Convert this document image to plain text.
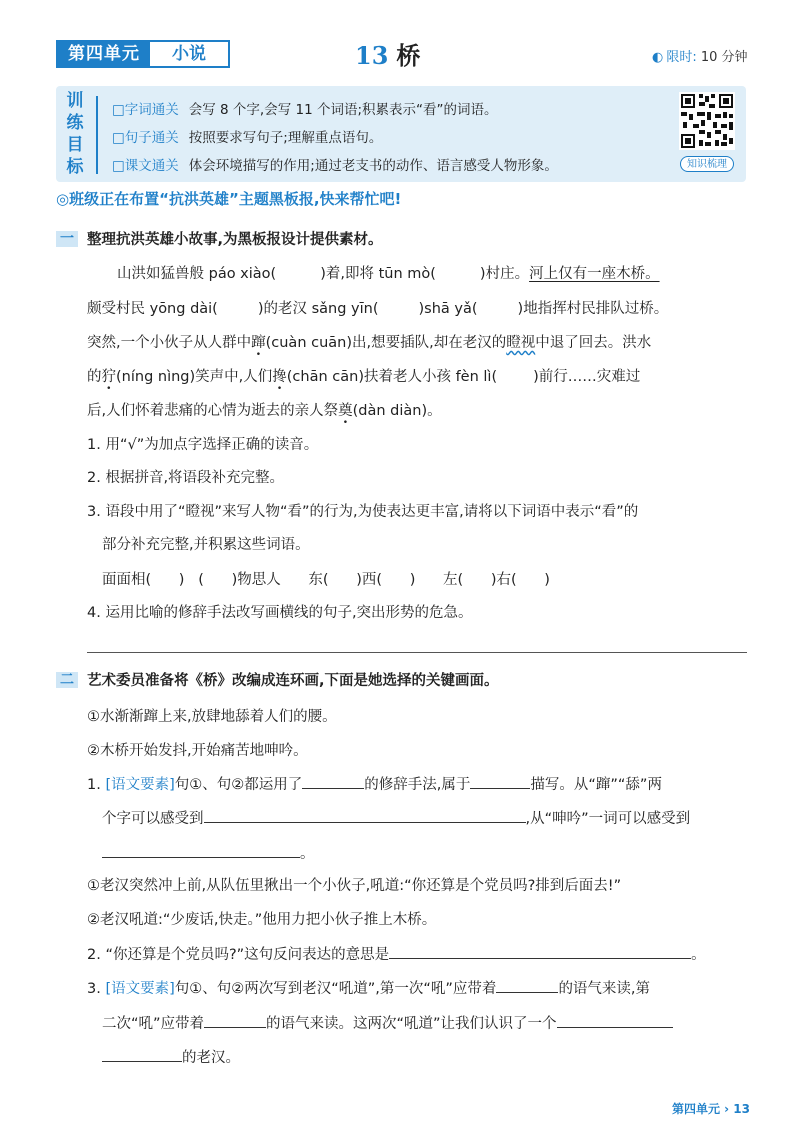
第四单元	小说	13 桥	◐ 限时: 10 分钟
训
练
目
标
□字词通关 会写 8 个字,会写 11 个词语;积累表示“看”的词语。
□句子通关 按照要求写句子;理解重点语句。
□课文通关 体会环境描写的作用;通过老支书的动作、语言感受人物形象。	知识梳理
◎班级正在布置“抗洪英雄”主题黑板报,快来帮忙吧!
一 整理抗洪英雄小故事,为黑板报设计提供素材。
山洪如猛兽般 páo xiào(	)着,即将 tūn mò(	)村庄。河上仅有一座木桥。
颇受村民 yōng dài(	)的老汉 sǎng yīn(	)shā yǎ(	)地指挥村民排队过桥。
突然,一个小伙子从人群中蹿(cuàn cuān)出,想要插队,却在老汉的瞪视中退了回去。洪水
的狞(níng nìng)笑声中,人们搀(chān cān)扶着老人小孩 fèn lì( )前行……灾难过
后,人们怀着悲痛的心情为逝去的亲人祭奠(dàn diàn)。
1. 用“√”为加点字选择正确的读音。
2. 根据拼音,将语段补充完整。
3. 语段中用了“瞪视”来写人物“看”的行为,为使表达更丰富,请将以下词语中表示“看”的
部分补充完整,并积累这些词语。
面面相(      )   (      )物思人      东(      )西(      )      左(      )右(      )
4. 运用比喻的修辞手法改写画横线的句子,突出形势的危急。
二 艺术委员准备将《桥》改编成连环画,下面是她选择的关键画面。
①水渐渐蹿上来,放肆地舔着人们的腰。
②木桥开始发抖,开始痛苦地呻吟。
1. [语文要素]句①、句②都运用了	的修辞手法,属于	描写。从“蹿”“舔”两
个字可以感受到	,从“呻吟”一词可以感受到
。
①老汉突然冲上前,从队伍里揪出一个小伙子,吼道:“你还算是个党员吗?排到后面去!”
②老汉吼道:“少废话,快走。”他用力把小伙子推上木桥。
2. “你还算是个党员吗?”这句反问表达的意思是	。
3. [语文要素]句①、句②两次写到老汉“吼道”,第一次“吼”应带着	的语气来读,第
二次“吼”应带着	的语气来读。这两次“吼道”让我们认识了一个
的老汉。
第四单元 › 13
